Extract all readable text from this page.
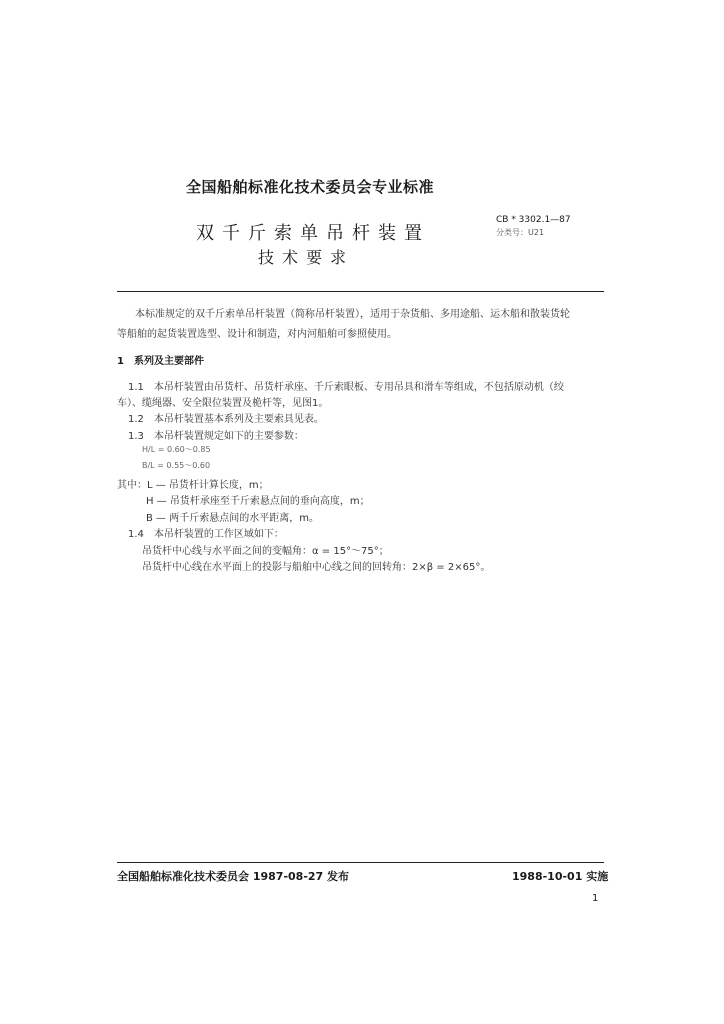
全国船舶标准化技术委员会专业标准
双千斤索单吊杆装置
技术要求
CB * 3302.1—87
分类号：U21
本标准规定的双千斤索单吊杆装置（简称吊杆装置），适用于杂货船、多用途船、运木船和散装货轮
等船舶的起货装置选型、设计和制造，对内河船舶可参照使用。
1　系列及主要部件
1.1　本吊杆装置由吊货杆、吊货杆承座、千斤索眼板、专用吊具和滑车等组成，不包括原动机（绞
车）、缆绳器、安全限位装置及桅杆等，见图1。
1.2　本吊杆装置基本系列及主要索具见表。
1.3　本吊杆装置规定如下的主要参数：
H/L = 0.60～0.85
B/L = 0.55～0.60
其中：L — 吊货杆计算长度，m；
H — 吊货杆承座至千斤索悬点间的垂向高度，m；
B — 两千斤索悬点间的水平距离，m。
1.4　本吊杆装置的工作区域如下：
吊货杆中心线与水平面之间的变幅角：α = 15°～75°；
吊货杆中心线在水平面上的投影与船舶中心线之间的回转角：2×β = 2×65°。
全国船舶标准化技术委员会 1987-08-27 发布	1988-10-01 实施
1
